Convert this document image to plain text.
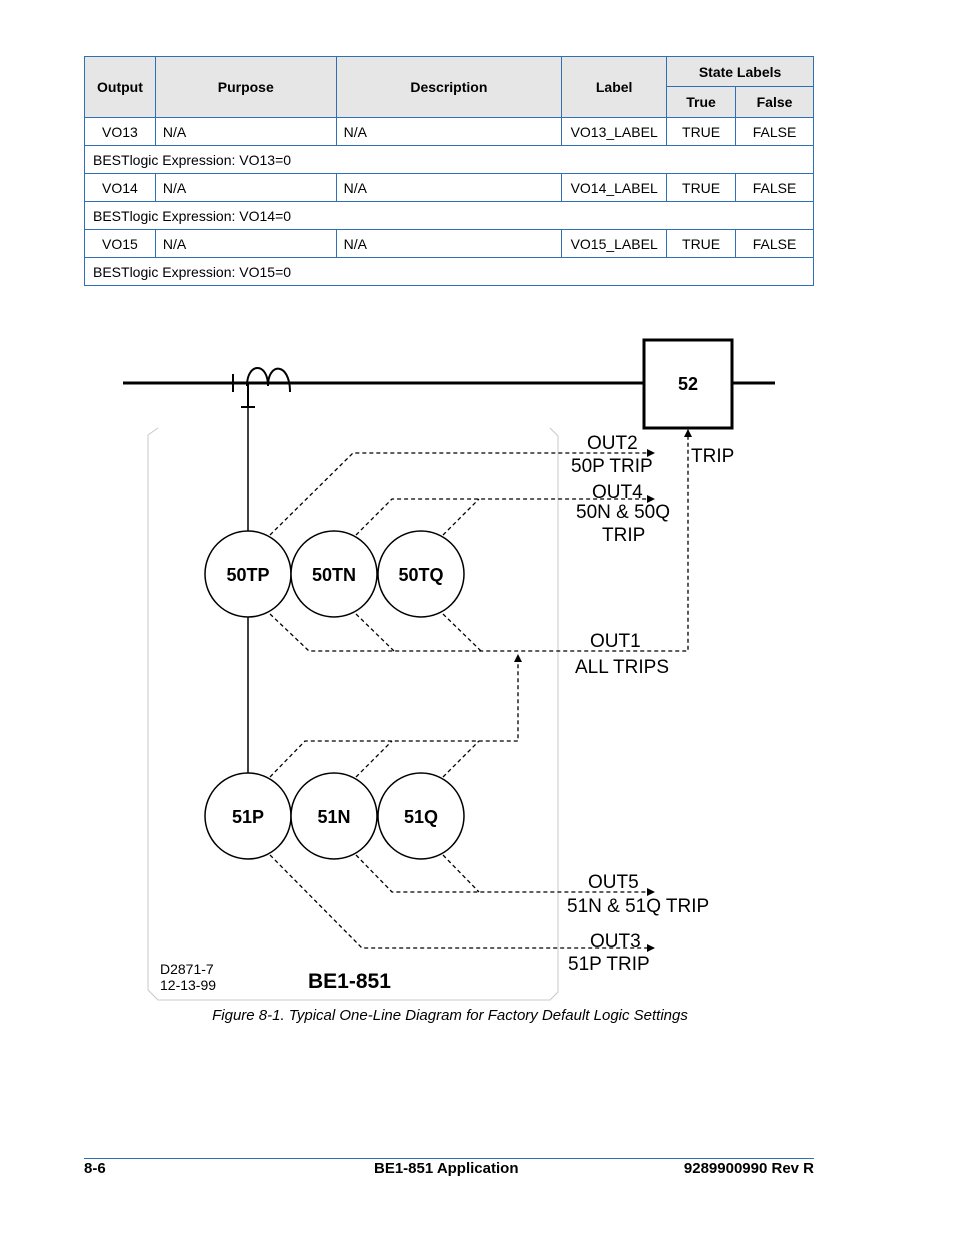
Output	Purpose	Description	Label	State Labels	
				True	False
VO13	N/A	N/A	VO13_LABEL	TRUE	FALSE
BESTlogic Expression: VO13=0					
VO14	N/A	N/A	VO14_LABEL	TRUE	FALSE
BESTlogic Expression: VO14=0					
VO15	N/A	N/A	VO15_LABEL	TRUE	FALSE
BESTlogic Expression: VO15=0					
52
TRIP
50TP 50TN 50TQ
51P	51N	51Q
OUT2
50P TRIP
OUT4
50N & 50Q
TRIP
OUT1
ALL TRIPS
OUT5
51N & 51Q TRIP
OUT3
51P TRIP
D2871-7
12-13-99	BE1-851
Figure 8-1. Typical One-Line Diagram for Factory Default Logic Settings
8-6	BE1-851 Application	9289900990 Rev R
